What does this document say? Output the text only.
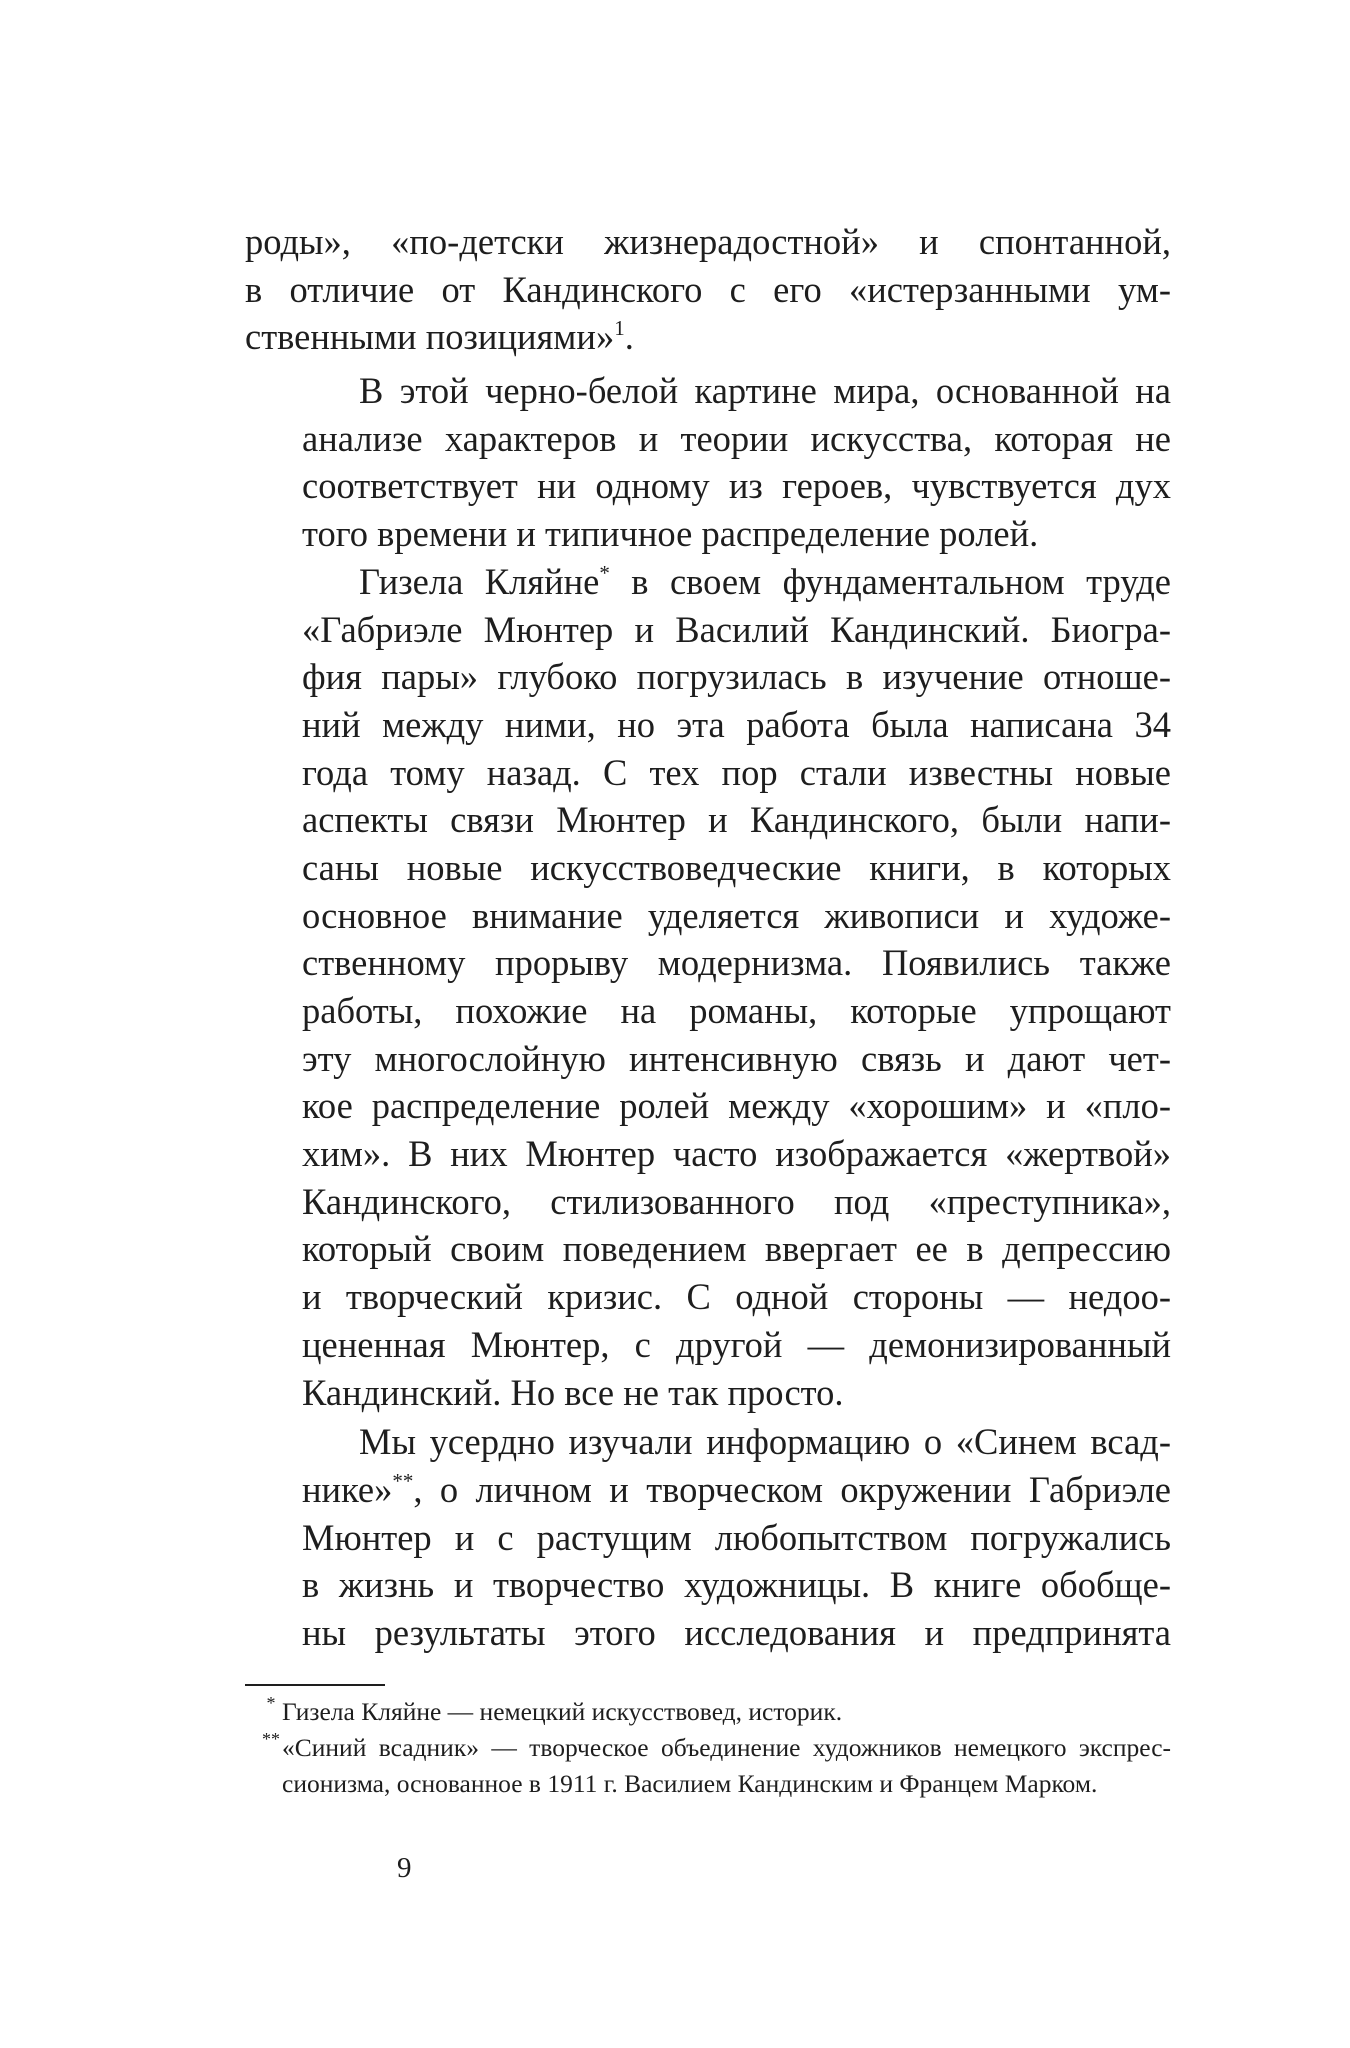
роды», «по-детски жизнерадостной» и спонтанной,
в отличие от Кандинского с его «истерзанными ум-
ственными позициями»$^1$.
В этой черно-белой картине мира, основанной на
анализе характеров и теории искусства, которая не
соответствует ни одному из героев, чувствуется дух
того времени и типичное распределение ролей.
Гизела Кляйне* в своем фундаментальном труде
«Габриэле Мюнтер и Василий Кандинский. Биогра-
фия пары» глубоко погрузилась в изучение отноше-
ний между ними, но эта работа была написана 34
года тому назад. С тех пор стали известны новые
аспекты связи Мюнтер и Кандинского, были напи-
саны новые искусствоведческие книги, в которых
основное внимание уделяется живописи и художе-
ственному прорыву модернизма. Появились также
работы, похожие на романы, которые упрощают
эту многослойную интенсивную связь и дают чет-
кое распределение ролей между «хорошим» и «пло-
хим». В них Мюнтер часто изображается «жертвой»
Кандинского, стилизованного под «преступника»,
который своим поведением ввергает ее в депрессию
и творческий кризис. С одной стороны — недоо-
цененная Мюнтер, с другой — демонизированный
Кандинский. Но все не так просто.
Мы усердно изучали информацию о «Синем всад-
нике»**, о личном и творческом окружении Габриэле
Мюнтер и с растущим любопытством погружались
в жизнь и творчество художницы. В книге обобще-
ны результаты этого исследования и предпринята
* Гизела Кляйне — немецкий искусствовед, историк.
** «Синий всадник» — творческое объединение художников немецкого экспрес-
сионизма, основанное в 1911 г. Василием Кандинским и Францем Марком.
9
